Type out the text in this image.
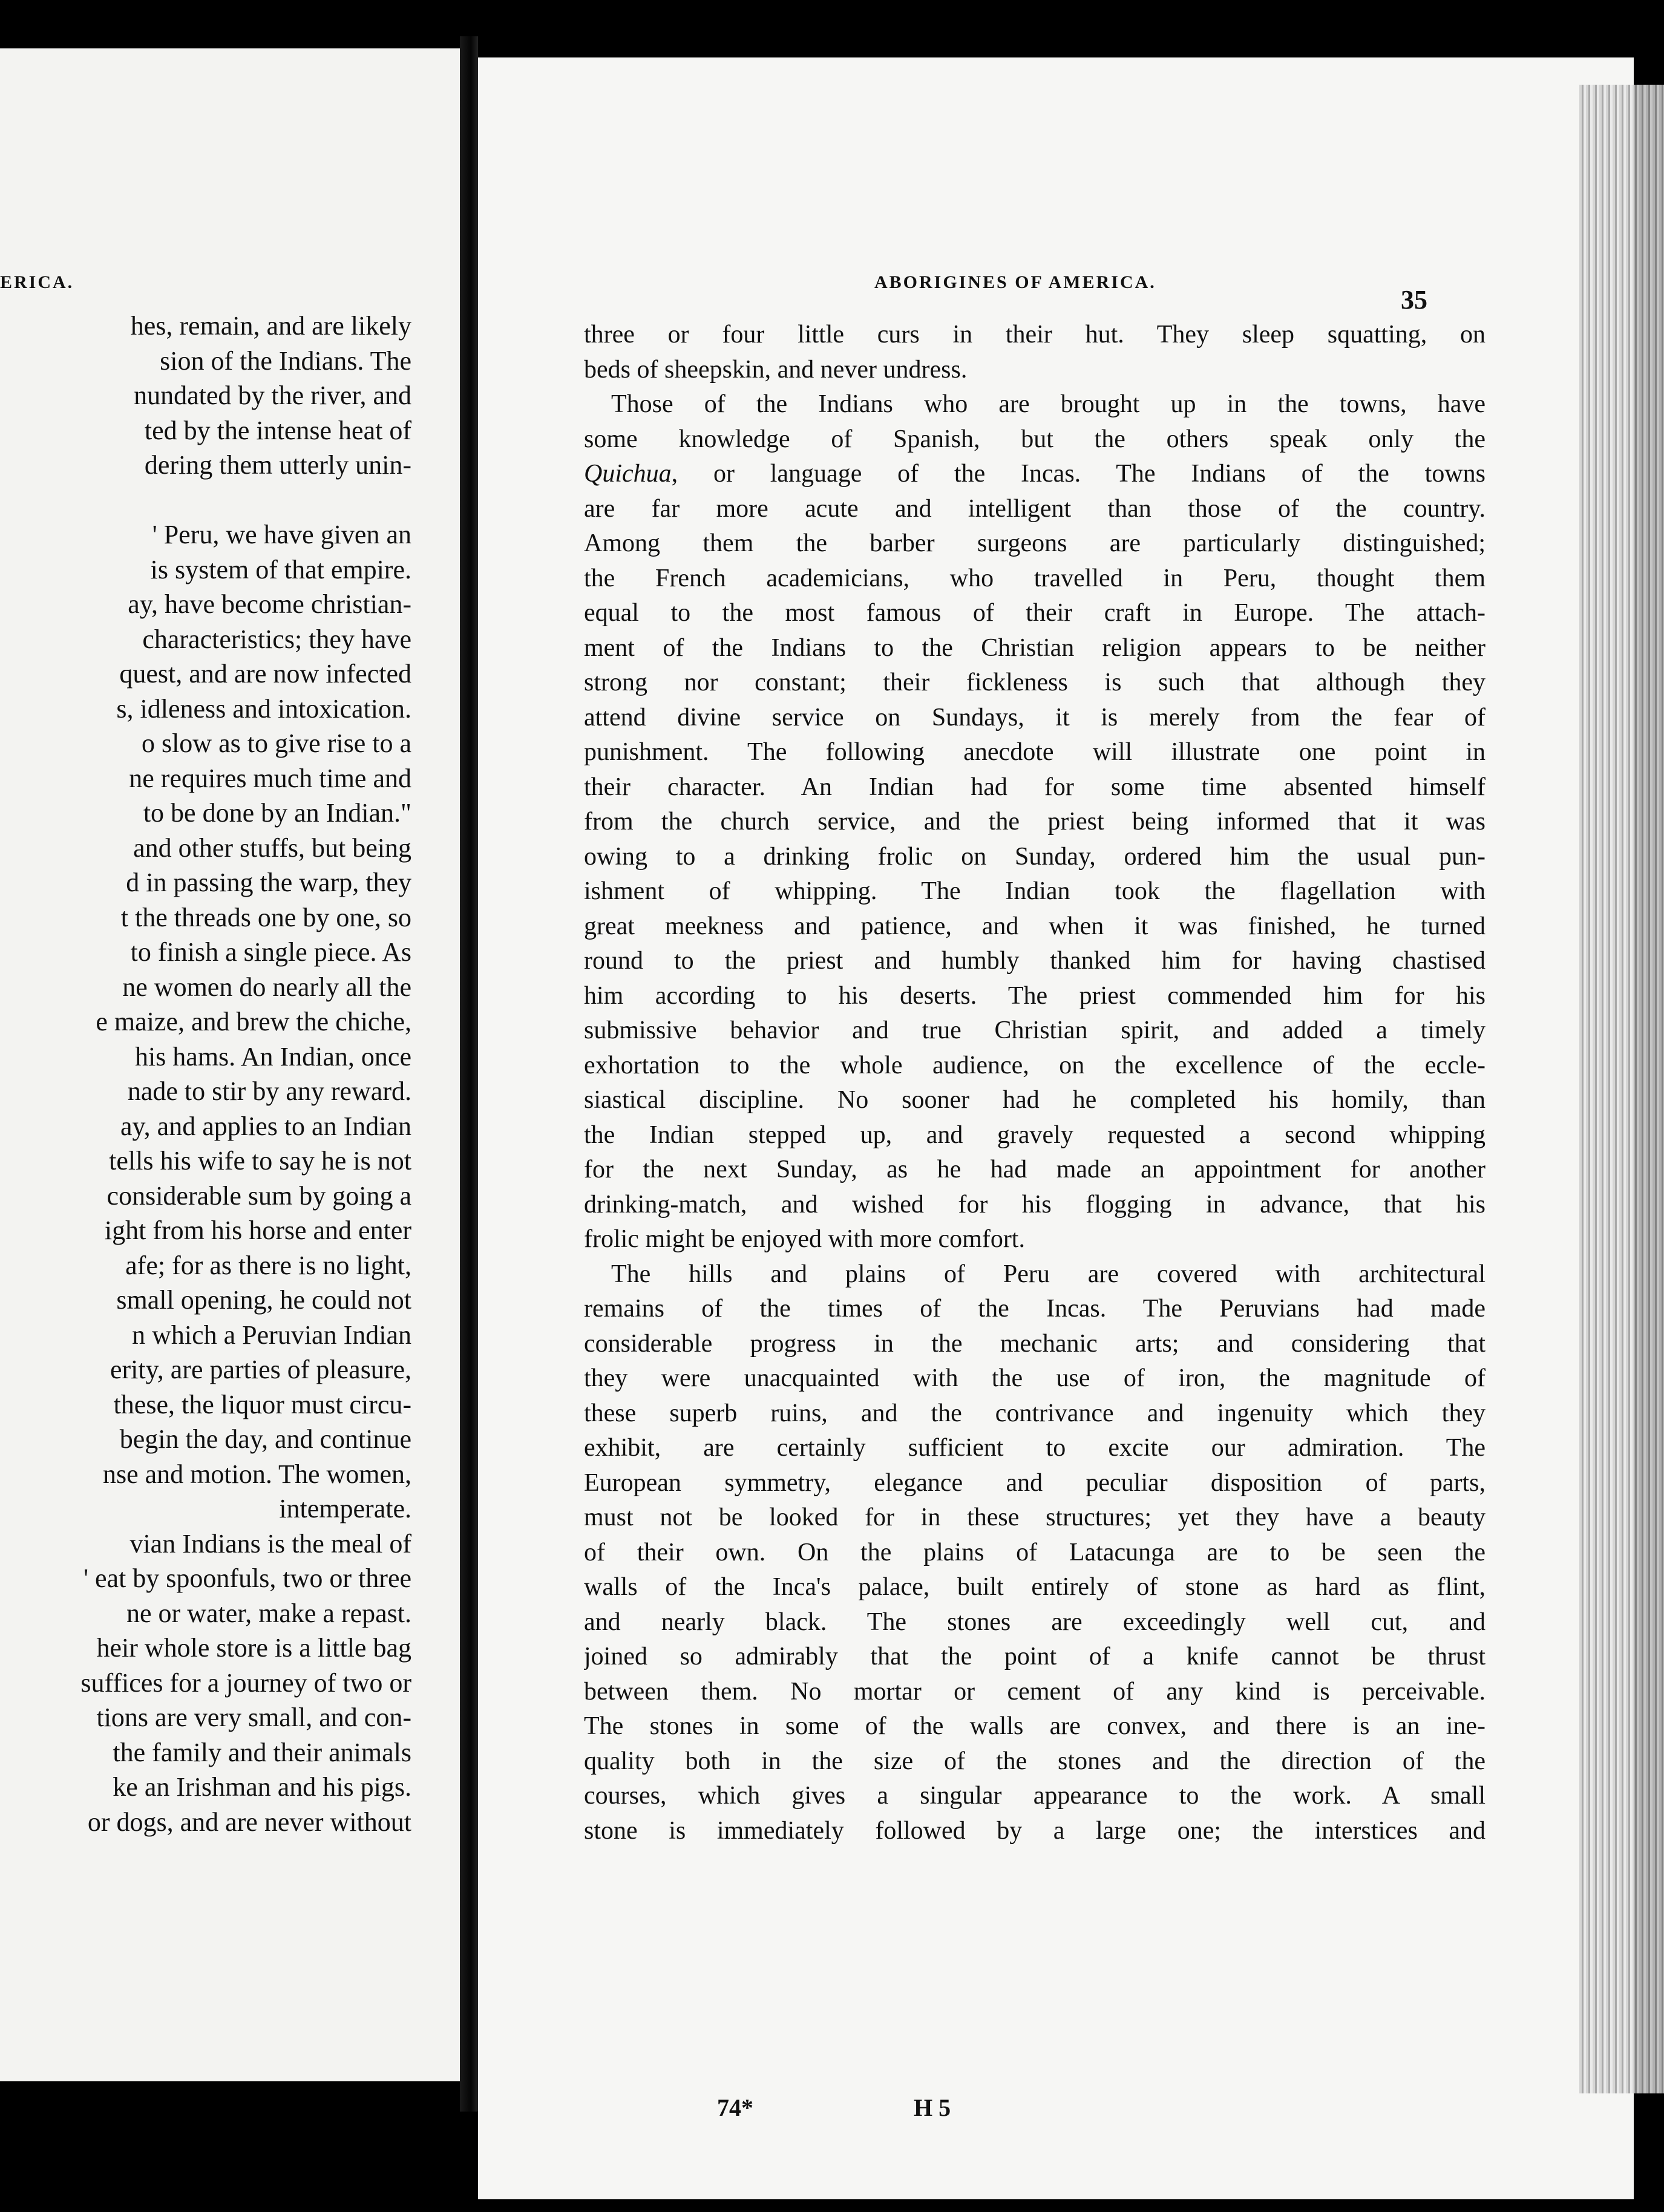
ERICA.
hes, remain, and are likely
sion of the Indians. The
nundated by the river, and
ted by the intense heat of
dering them utterly unin-
' Peru, we have given an
is system of that empire.
ay, have become christian-
characteristics; they have
quest, and are now infected
s, idleness and intoxication.
o slow as to give rise to a
ne requires much time and
to be done by an Indian."
and other stuffs, but being
d in passing the warp, they
t the threads one by one, so
to finish a single piece. As
ne women do nearly all the
e maize, and brew the chiche,
his hams. An Indian, once
nade to stir by any reward.
ay, and applies to an Indian
tells his wife to say he is not
considerable sum by going a
ight from his horse and enter
afe; for as there is no light,
small opening, he could not
n which a Peruvian Indian
erity, are parties of pleasure,
these, the liquor must circu-
begin the day, and continue
nse and motion. The women,
intemperate.
vian Indians is the meal of
' eat by spoonfuls, two or three
ne or water, make a repast.
heir whole store is a little bag
suffices for a journey of two or
tions are very small, and con-
the family and their animals
ke an Irishman and his pigs.
or dogs, and are never without
ABORIGINES OF AMERICA.
35
three or four little curs in their hut. They sleep squatting, on
beds of sheepskin, and never undress.
Those of the Indians who are brought up in the towns, have
some knowledge of Spanish, but the others speak only the
Quichua, or language of the Incas. The Indians of the towns
are far more acute and intelligent than those of the country.
Among them the barber surgeons are particularly distinguished;
the French academicians, who travelled in Peru, thought them
equal to the most famous of their craft in Europe. The attach-
ment of the Indians to the Christian religion appears to be neither
strong nor constant; their fickleness is such that although they
attend divine service on Sundays, it is merely from the fear of
punishment. The following anecdote will illustrate one point in
their character. An Indian had for some time absented himself
from the church service, and the priest being informed that it was
owing to a drinking frolic on Sunday, ordered him the usual pun-
ishment of whipping. The Indian took the flagellation with
great meekness and patience, and when it was finished, he turned
round to the priest and humbly thanked him for having chastised
him according to his deserts. The priest commended him for his
submissive behavior and true Christian spirit, and added a timely
exhortation to the whole audience, on the excellence of the eccle-
siastical discipline. No sooner had he completed his homily, than
the Indian stepped up, and gravely requested a second whipping
for the next Sunday, as he had made an appointment for another
drinking-match, and wished for his flogging in advance, that his
frolic might be enjoyed with more comfort.
The hills and plains of Peru are covered with architectural
remains of the times of the Incas. The Peruvians had made
considerable progress in the mechanic arts; and considering that
they were unacquainted with the use of iron, the magnitude of
these superb ruins, and the contrivance and ingenuity which they
exhibit, are certainly sufficient to excite our admiration. The
European symmetry, elegance and peculiar disposition of parts,
must not be looked for in these structures; yet they have a beauty
of their own. On the plains of Latacunga are to be seen the
walls of the Inca's palace, built entirely of stone as hard as flint,
and nearly black. The stones are exceedingly well cut, and
joined so admirably that the point of a knife cannot be thrust
between them. No mortar or cement of any kind is perceivable.
The stones in some of the walls are convex, and there is an ine-
quality both in the size of the stones and the direction of the
courses, which gives a singular appearance to the work. A small
stone is immediately followed by a large one; the interstices and
74*	H 5
